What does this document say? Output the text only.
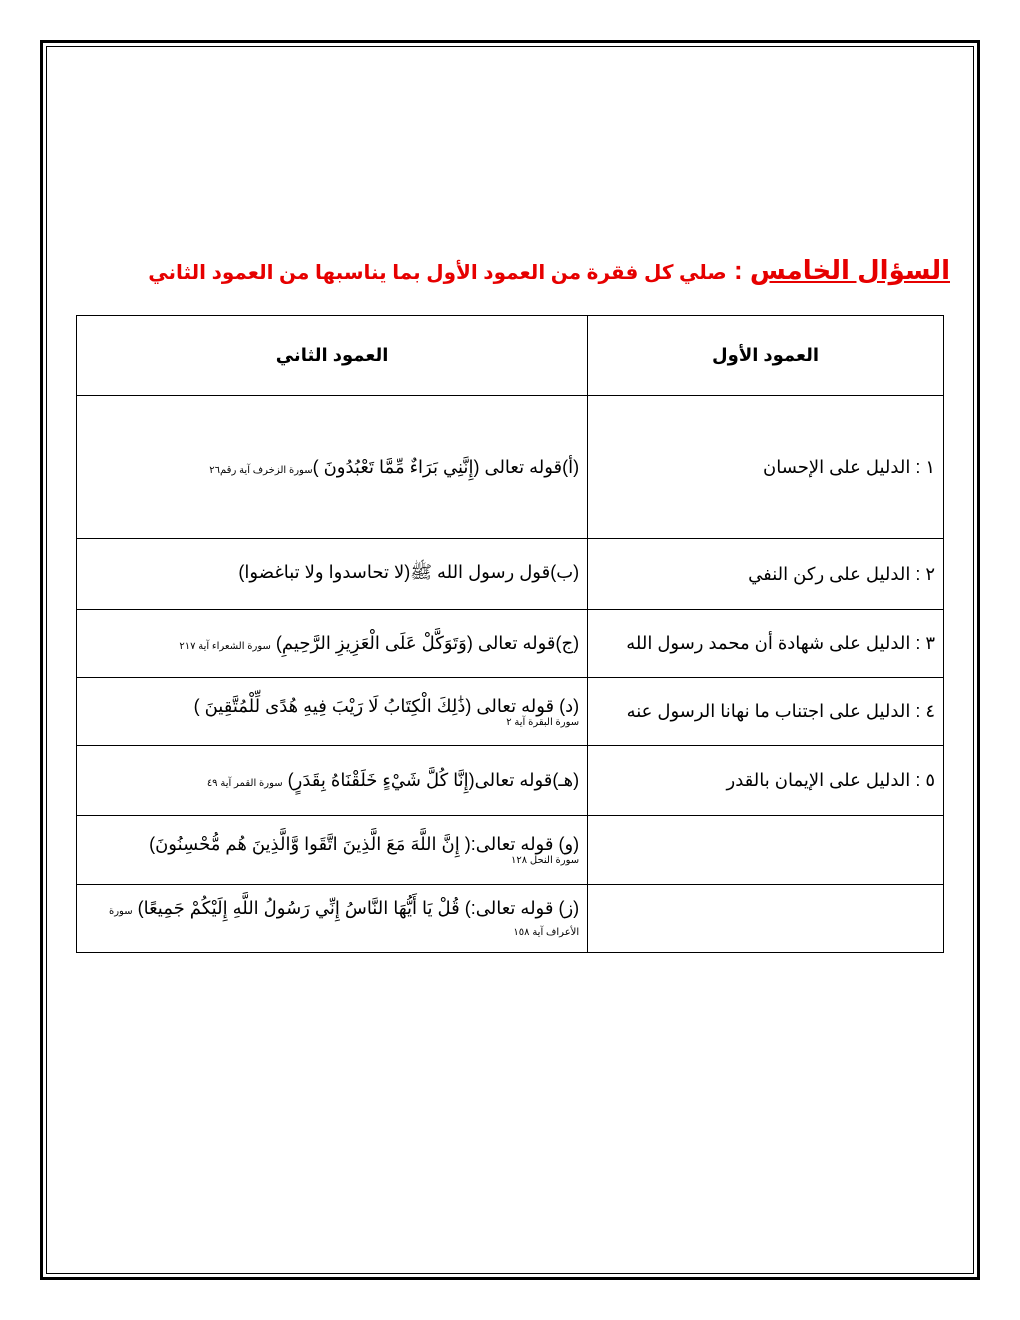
السؤال الخامس : صلي كل فقرة من العمود الأول بما يناسبها من العمود الثاني
العمود الأول	العمود الثاني
١ : الدليل على الإحسان	(أ)قوله تعالى (إِنَّنِي بَرَاءٌ مِّمَّا تَعْبُدُونَ )سورة الزخرف آية رقم٢٦
٢ : الدليل على ركن النفي	(ب)قول رسول الله ﷺ(لا تحاسدوا ولا تباغضوا)
٣ : الدليل على شهادة أن محمد رسول الله	(ج)قوله تعالى (وَتَوَكَّلْ عَلَى الْعَزِيزِ الرَّحِيمِ) سورة الشعراء آية ٢١٧
٤ : الدليل على اجتناب ما نهانا الرسول عنه	(د) قوله تعالى (ذَٰلِكَ الْكِتَابُ لَا رَيْبَ فِيهِ هُدًى لِّلْمُتَّقِينَ )
سورة البقرة آية ٢

٥ : الدليل على الإيمان بالقدر	(هـ)قوله تعالى(إِنَّا كُلَّ شَيْءٍ خَلَقْنَاهُ بِقَدَرٍ) سورة القمر آية ٤٩
	(و) قوله تعالى:( إِنَّ اللَّهَ مَعَ الَّذِينَ اتَّقَوا وَّالَّذِينَ هُم مُّحْسِنُونَ)
سورة النحل ١٢٨

	(ز) قوله تعالى:) قُلْ يَا أَيُّهَا النَّاسُ إِنِّي رَسُولُ اللَّهِ إِلَيْكُمْ جَمِيعًا) سورة الأعراف آية ١٥٨
